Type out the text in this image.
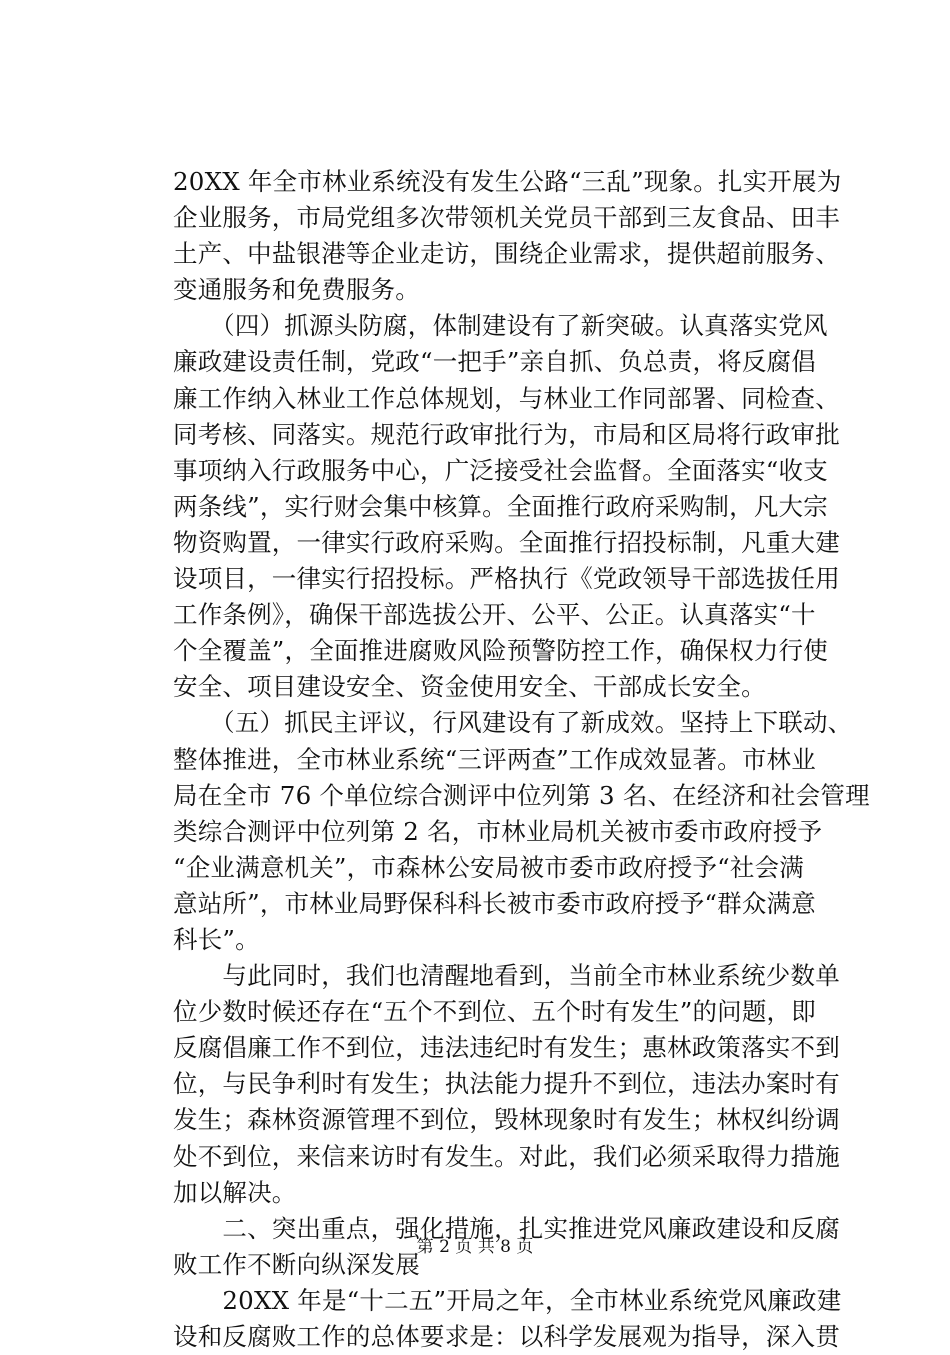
20XX 年全市林业系统没有发生公路“三乱”现象。扎实开展为
企业服务，市局党组多次带领机关党员干部到三友食品、田丰
土产、中盐银港等企业走访，围绕企业需求，提供超前服务、
变通服务和免费服务。
　　（四）抓源头防腐，体制建设有了新突破。认真落实党风
廉政建设责任制，党政“一把手”亲自抓、负总责，将反腐倡
廉工作纳入林业工作总体规划，与林业工作同部署、同检查、
同考核、同落实。规范行政审批行为，市局和区局将行政审批
事项纳入行政服务中心，广泛接受社会监督。全面落实“收支
两条线”，实行财会集中核算。全面推行政府采购制，凡大宗
物资购置，一律实行政府采购。全面推行招投标制，凡重大建
设项目，一律实行招投标。严格执行《党政领导干部选拔任用
工作条例》，确保干部选拔公开、公平、公正。认真落实“十
个全覆盖”，全面推进腐败风险预警防控工作，确保权力行使
安全、项目建设安全、资金使用安全、干部成长安全。
　　（五）抓民主评议，行风建设有了新成效。坚持上下联动、
整体推进，全市林业系统“三评两查”工作成效显著。市林业
局在全市 76 个单位综合测评中位列第 3 名、在经济和社会管理
类综合测评中位列第 2 名，市林业局机关被市委市政府授予
“企业满意机关”，市森林公安局被市委市政府授予“社会满
意站所”，市林业局野保科科长被市委市政府授予“群众满意
科长”。
　　与此同时，我们也清醒地看到，当前全市林业系统少数单
位少数时候还存在“五个不到位、五个时有发生”的问题，即
反腐倡廉工作不到位，违法违纪时有发生；惠林政策落实不到
位，与民争利时有发生；执法能力提升不到位，违法办案时有
发生；森林资源管理不到位，毁林现象时有发生；林权纠纷调
处不到位，来信来访时有发生。对此，我们必须采取得力措施
加以解决。
　　二、突出重点，强化措施，扎实推进党风廉政建设和反腐
败工作不断向纵深发展
　　20XX 年是“十二五”开局之年，全市林业系统党风廉政建
设和反腐败工作的总体要求是：以科学发展观为指导，深入贯
第 2 页 共 8 页
